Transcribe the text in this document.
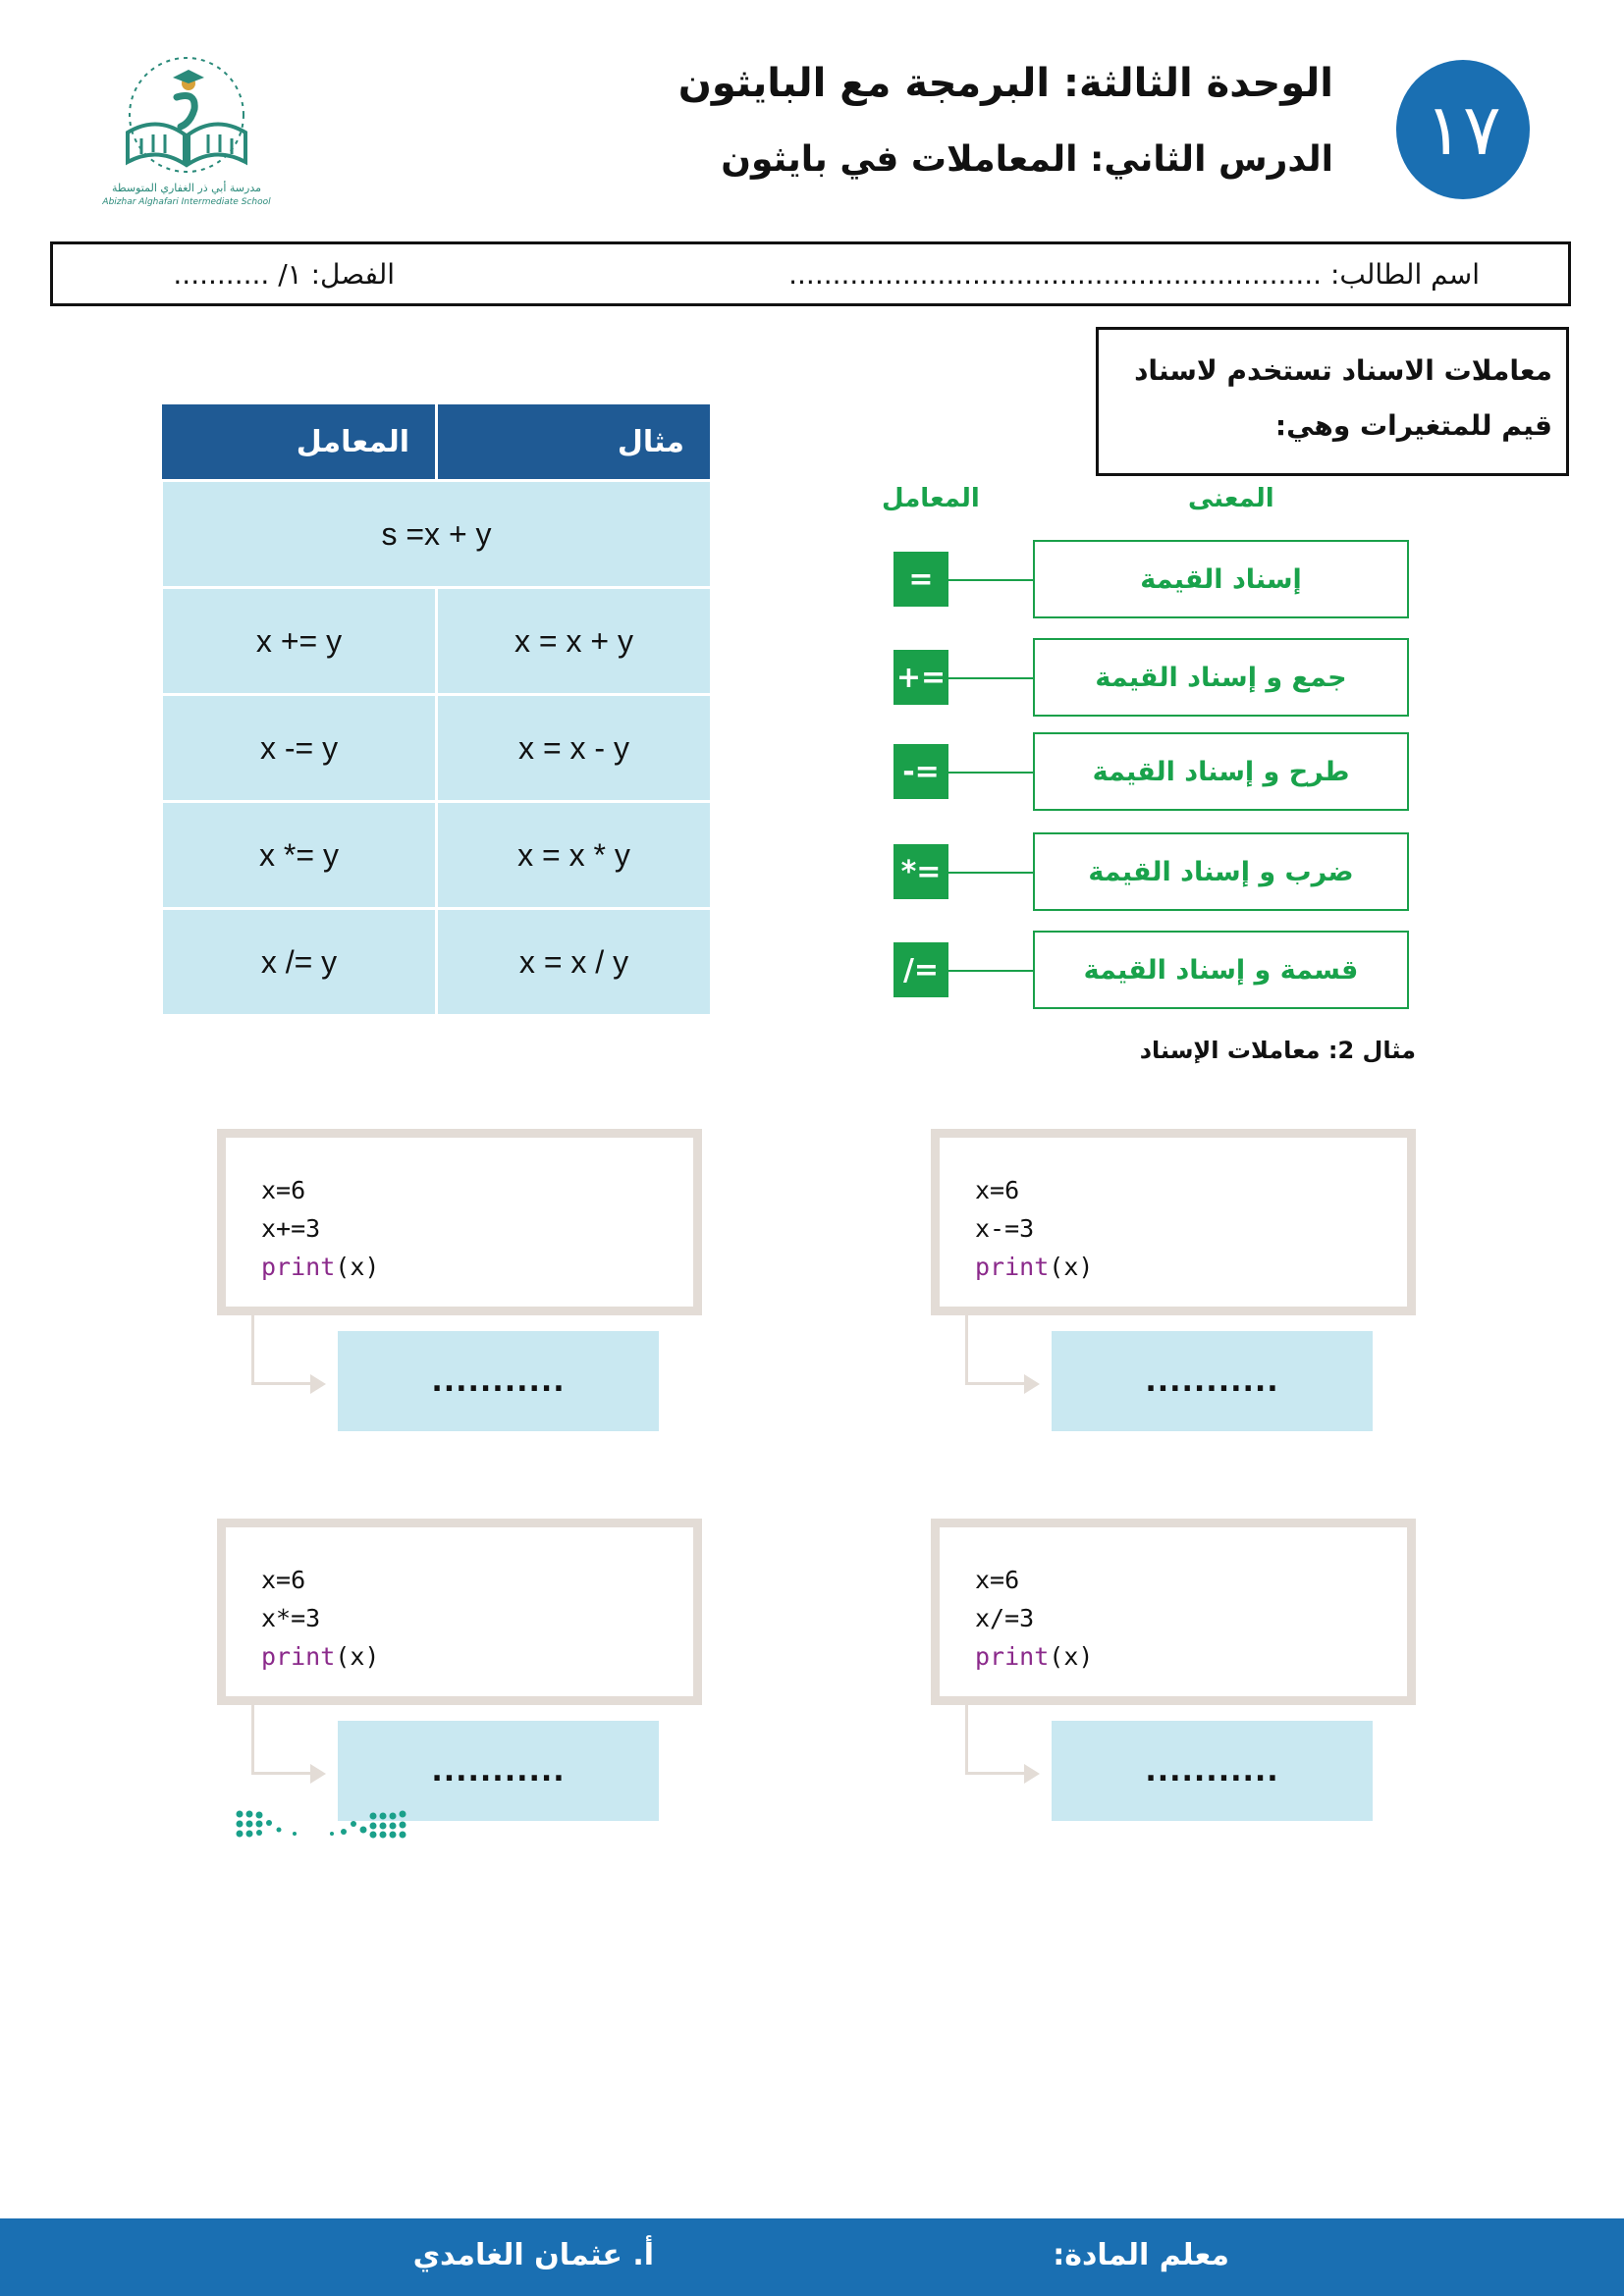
١٧
الوحدة الثالثة: البرمجة مع البايثون
الدرس الثاني: المعاملات في بايثون
مدرسة أبي ذر الغفاري المتوسطة
Abizhar Alghafari Intermediate School
اسم الطالب: .............................................................
الفصل: ١/ ...........
معاملات الاسناد تستخدم لاسناد
قيم للمتغيرات وهي:
المعامل	مثال
s =x + y	
x += y	x = x + y
x -= y	x = x - y
x *= y	x = x * y
x /= y	x = x / y
المعنى
المعامل
=	إسناد القيمة
+=	جمع و إسناد القيمة
-=	طرح و إسناد القيمة
*=	ضرب و إسناد القيمة
/=	قسمة و إسناد القيمة
مثال 2: معاملات الإسناد
x=6
x+=3
print(x)
...........
x=6
x-=3
print(x)
...........
x=6
x*=3
print(x)
...........
x=6
x/=3
print(x)
...........
معلم المادة:
أ. عثمان الغامدي
